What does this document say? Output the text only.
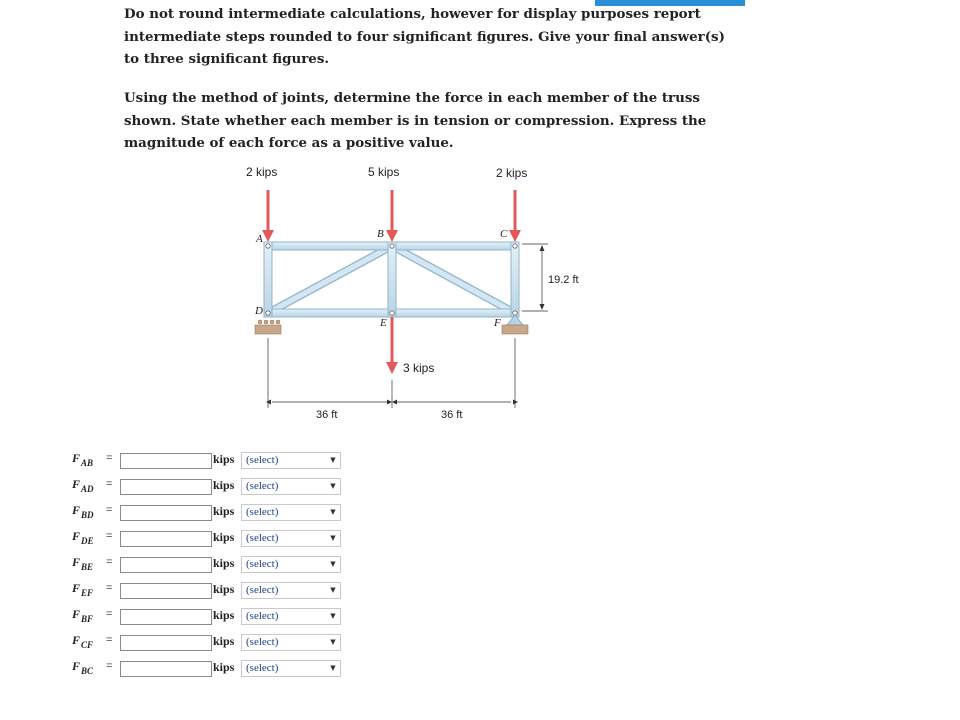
Do not round intermediate calculations, however for display purposes report intermediate steps rounded to four significant figures. Give your final answer(s) to three significant figures.

Using the method of joints, determine the force in each member of the truss shown. State whether each member is in tension or compression. Express the magnitude of each force as a positive value.

2 kips	5 kips	2 kips
3 kips
19.2 ft
36 ft	36 ft
A	B	C
D
E	F
$F_{AB}$ =	kips (select)	▼
$F_{AD}$ =	kips (select)	▼
$F_{BD}$ =	kips (select)	▼
$F_{DE}$ =	kips (select)	▼
$F_{BE}$ =	kips (select)	▼
$F_{EF}$ =	kips (select)	▼
$F_{BF}$ =	kips (select)	▼
$F_{CF}$ =	kips (select)	▼
$F_{BC}$ =	kips (select)	▼
